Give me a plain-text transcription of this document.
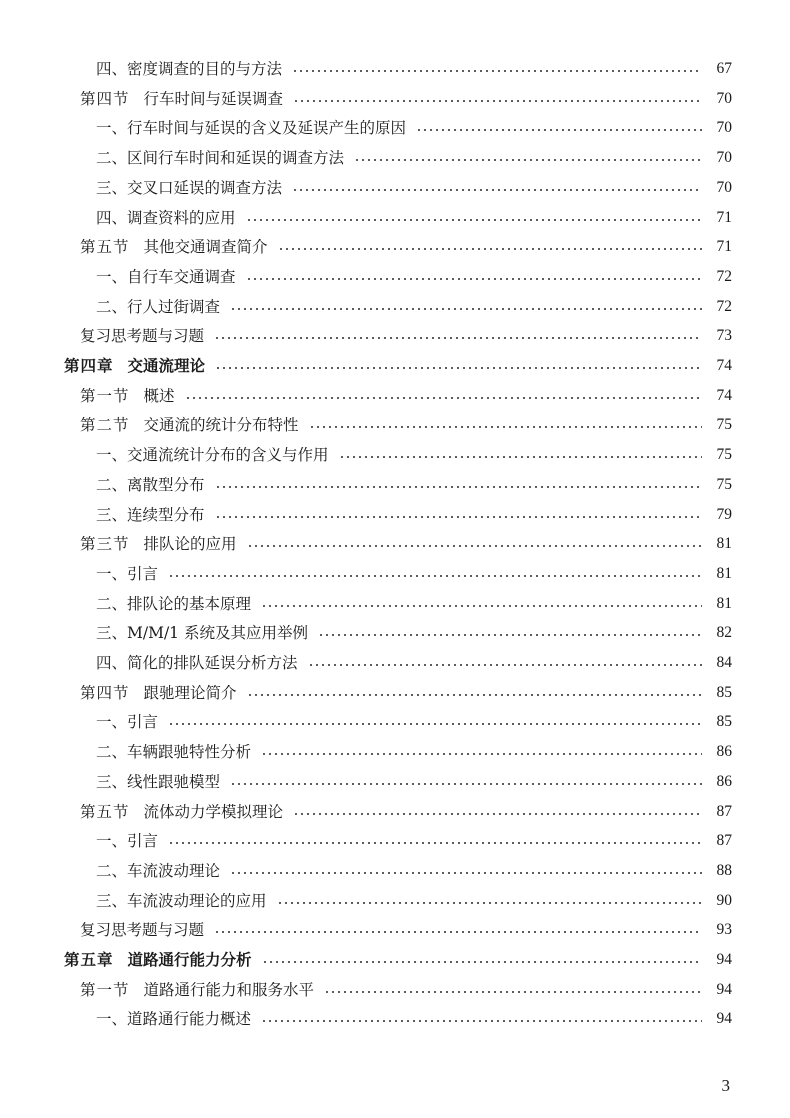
四、密度调查的目的与方法	67
第四节 行车时间与延误调查	70
一、行车时间与延误的含义及延误产生的原因	70
二、区间行车时间和延误的调查方法	70
三、交叉口延误的调查方法	70
四、调查资料的应用	71
第五节 其他交通调查简介	71
一、自行车交通调查	72
二、行人过街调查	72
复习思考题与习题	73
第四章 交通流理论	74
第一节 概述	74
第二节 交通流的统计分布特性	75
一、交通流统计分布的含义与作用	75
二、离散型分布	75
三、连续型分布	79
第三节 排队论的应用	81
一、引言	81
二、排队论的基本原理	81
三、M/M/1 系统及其应用举例	82
四、简化的排队延误分析方法	84
第四节 跟驰理论简介	85
一、引言	85
二、车辆跟驰特性分析	86
三、线性跟驰模型	86
第五节 流体动力学模拟理论	87
一、引言	87
二、车流波动理论	88
三、车流波动理论的应用	90
复习思考题与习题	93
第五章 道路通行能力分析	94
第一节 道路通行能力和服务水平	94
一、道路通行能力概述	94
3
